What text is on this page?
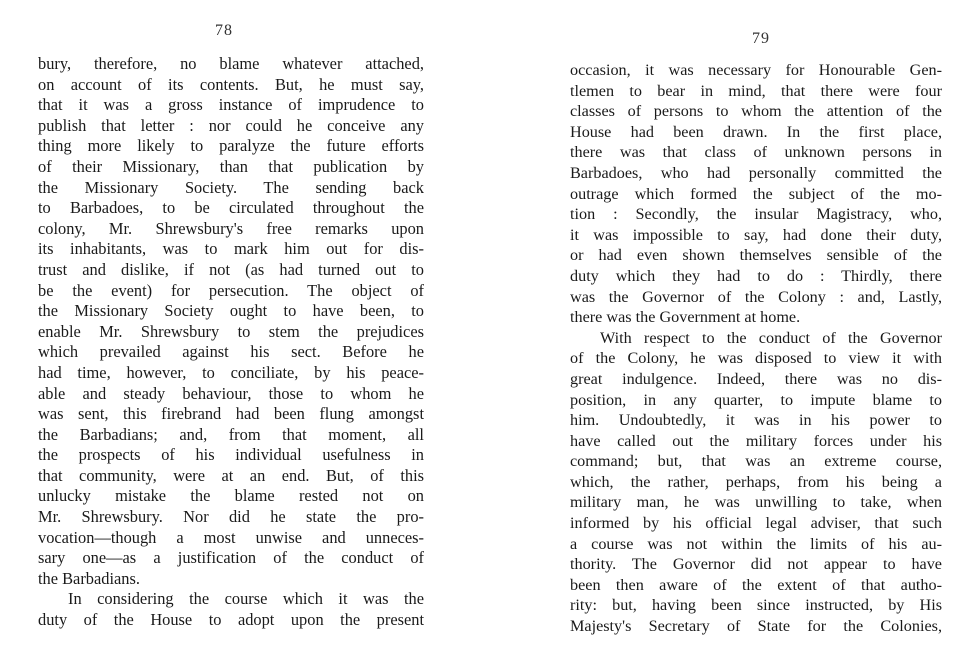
78
bury, therefore, no blame whatever attached,
on account of its contents. But, he must say,
that it was a gross instance of imprudence to
publish that letter : nor could he conceive any
thing more likely to paralyze the future efforts
of their Missionary, than that publication by
the Missionary Society. The sending back
to Barbadoes, to be circulated throughout the
colony, Mr. Shrewsbury's free remarks upon
its inhabitants, was to mark him out for dis-
trust and dislike, if not (as had turned out to
be the event) for persecution. The object of
the Missionary Society ought to have been, to
enable Mr. Shrewsbury to stem the prejudices
which prevailed against his sect. Before he
had time, however, to conciliate, by his peace-
able and steady behaviour, those to whom he
was sent, this firebrand had been flung amongst
the Barbadians; and, from that moment, all
the prospects of his individual usefulness in
that community, were at an end. But, of this
unlucky mistake the blame rested not on
Mr. Shrewsbury. Nor did he state the pro-
vocation—though a most unwise and unneces-
sary one—as a justification of the conduct of
the Barbadians.
In considering the course which it was the
duty of the House to adopt upon the present
79
occasion, it was necessary for Honourable Gen-
tlemen to bear in mind, that there were four
classes of persons to whom the attention of the
House had been drawn. In the first place,
there was that class of unknown persons in
Barbadoes, who had personally committed the
outrage which formed the subject of the mo-
tion : Secondly, the insular Magistracy, who,
it was impossible to say, had done their duty,
or had even shown themselves sensible of the
duty which they had to do : Thirdly, there
was the Governor of the Colony : and, Lastly,
there was the Government at home.
With respect to the conduct of the Governor
of the Colony, he was disposed to view it with
great indulgence. Indeed, there was no dis-
position, in any quarter, to impute blame to
him. Undoubtedly, it was in his power to
have called out the military forces under his
command; but, that was an extreme course,
which, the rather, perhaps, from his being a
military man, he was unwilling to take, when
informed by his official legal adviser, that such
a course was not within the limits of his au-
thority. The Governor did not appear to have
been then aware of the extent of that autho-
rity: but, having been since instructed, by His
Majesty's Secretary of State for the Colonies,
